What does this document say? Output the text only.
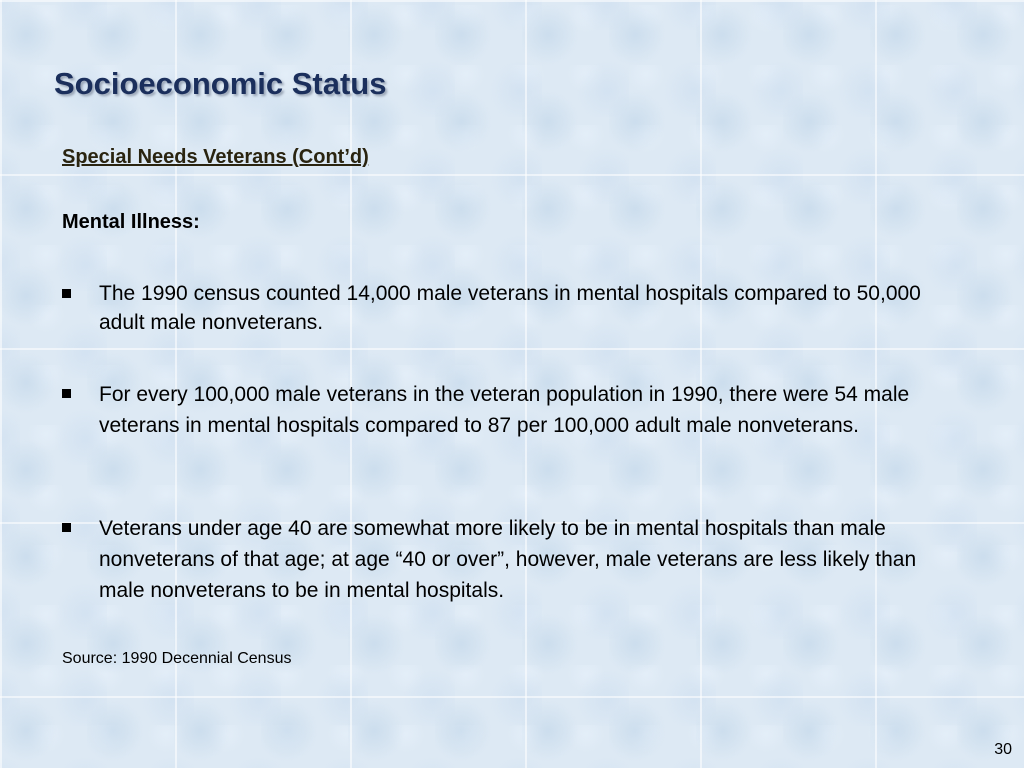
Socioeconomic Status
Special Needs Veterans (Cont’d)
Mental Illness:
The 1990 census counted 14,000 male veterans in mental hospitals compared to 50,000 adult male nonveterans.
For every 100,000 male veterans in the veteran population in 1990, there were 54 male veterans in mental hospitals compared to 87 per 100,000 adult male nonveterans.
Veterans under age 40 are somewhat more likely to be in mental hospitals than male nonveterans of that age; at age “40 or over”, however, male veterans are less likely than male nonveterans to be in mental hospitals.
Source: 1990 Decennial Census
30
